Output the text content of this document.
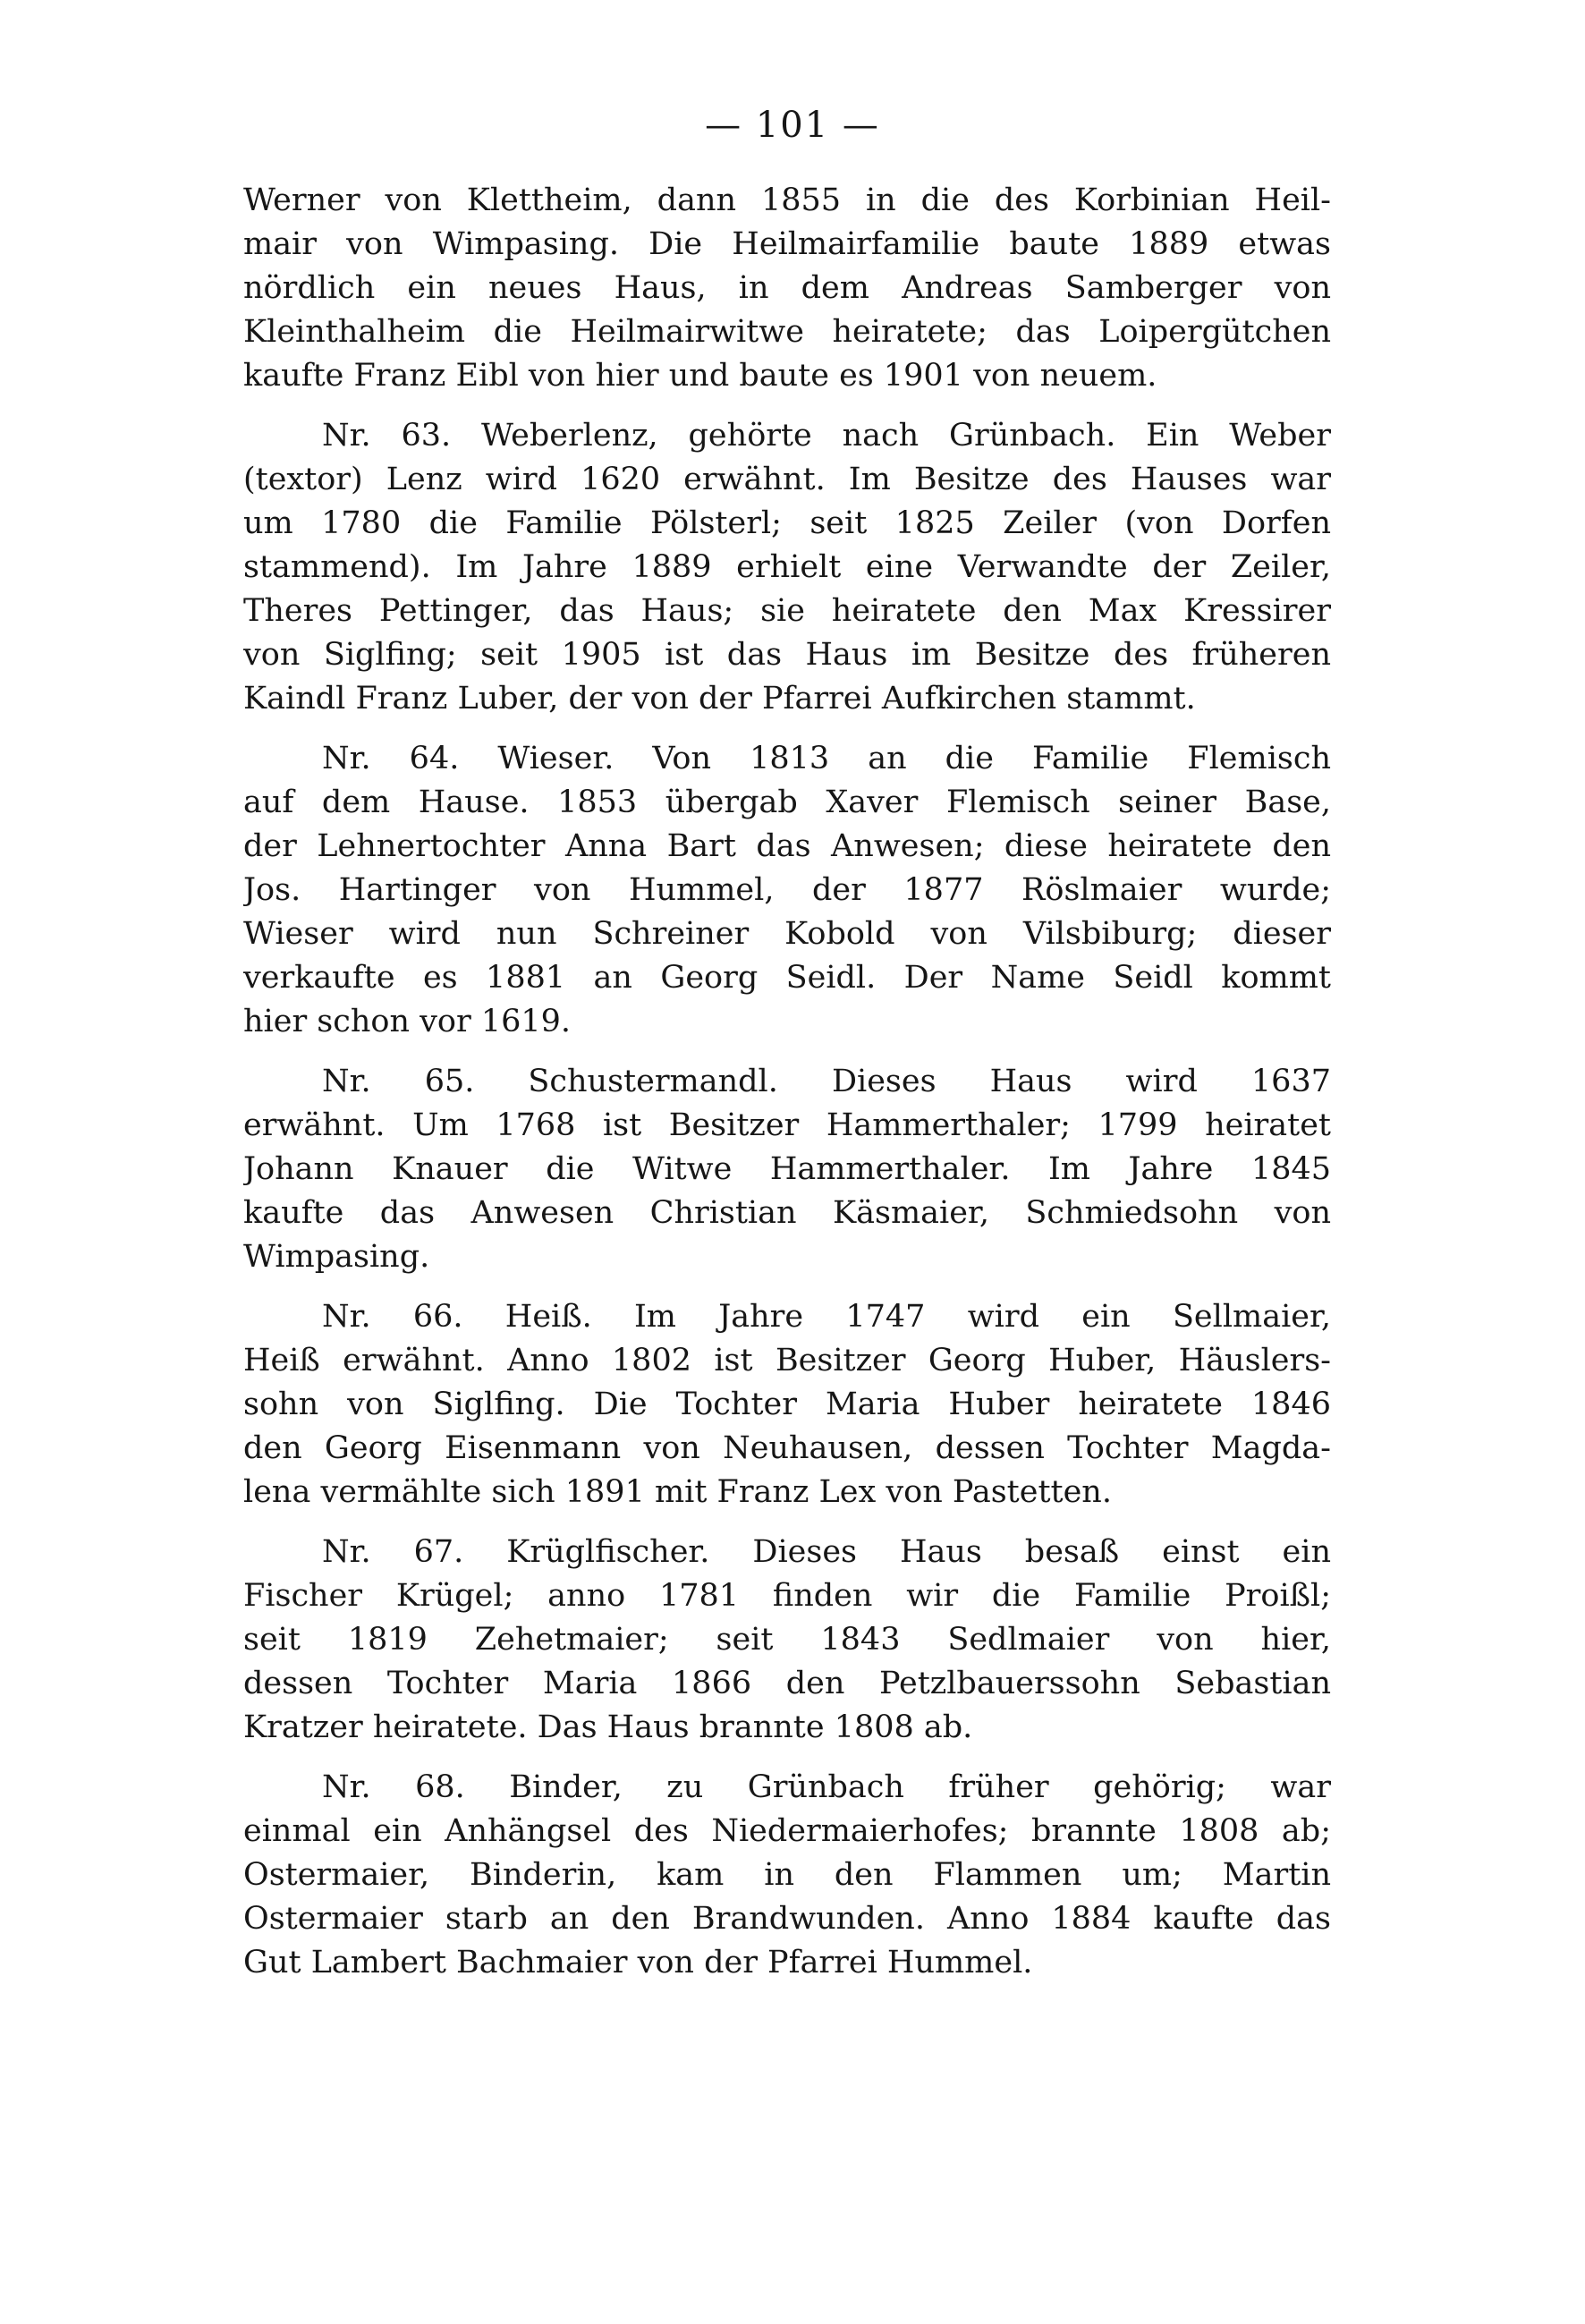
— 101 —
Werner von Klettheim, dann 1855 in die des Korbinian Heil-
mair von Wimpasing. Die Heilmairfamilie baute 1889 etwas
nördlich ein neues Haus, in dem Andreas Samberger von
Kleinthalheim die Heilmairwitwe heiratete; das Loipergütchen
kaufte Franz Eibl von hier und baute es 1901 von neuem.
Nr. 63. Weberlenz, gehörte nach Grünbach. Ein Weber
(textor) Lenz wird 1620 erwähnt. Im Besitze des Hauses war
um 1780 die Familie Pölsterl; seit 1825 Zeiler (von Dorfen
stammend). Im Jahre 1889 erhielt eine Verwandte der Zeiler,
Theres Pettinger, das Haus; sie heiratete den Max Kressirer
von Siglfing; seit 1905 ist das Haus im Besitze des früheren
Kaindl Franz Luber, der von der Pfarrei Aufkirchen stammt.
Nr. 64. Wieser. Von 1813 an die Familie Flemisch
auf dem Hause. 1853 übergab Xaver Flemisch seiner Base,
der Lehnertochter Anna Bart das Anwesen; diese heiratete den
Jos. Hartinger von Hummel, der 1877 Röslmaier wurde;
Wieser wird nun Schreiner Kobold von Vilsbiburg; dieser
verkaufte es 1881 an Georg Seidl. Der Name Seidl kommt
hier schon vor 1619.
Nr. 65. Schustermandl. Dieses Haus wird 1637
erwähnt. Um 1768 ist Besitzer Hammerthaler; 1799 heiratet
Johann Knauer die Witwe Hammerthaler. Im Jahre 1845
kaufte das Anwesen Christian Käsmaier, Schmiedsohn von
Wimpasing.
Nr. 66. Heiß. Im Jahre 1747 wird ein Sellmaier,
Heiß erwähnt. Anno 1802 ist Besitzer Georg Huber, Häuslers-
sohn von Siglfing. Die Tochter Maria Huber heiratete 1846
den Georg Eisenmann von Neuhausen, dessen Tochter Magda-
lena vermählte sich 1891 mit Franz Lex von Pastetten.
Nr. 67. Krüglfischer. Dieses Haus besaß einst ein
Fischer Krügel; anno 1781 finden wir die Familie Proißl;
seit 1819 Zehetmaier; seit 1843 Sedlmaier von hier,
dessen Tochter Maria 1866 den Petzlbauerssohn Sebastian
Kratzer heiratete. Das Haus brannte 1808 ab.
Nr. 68. Binder, zu Grünbach früher gehörig; war
einmal ein Anhängsel des Niedermaierhofes; brannte 1808 ab;
Ostermaier, Binderin, kam in den Flammen um; Martin
Ostermaier starb an den Brandwunden. Anno 1884 kaufte das
Gut Lambert Bachmaier von der Pfarrei Hummel.
